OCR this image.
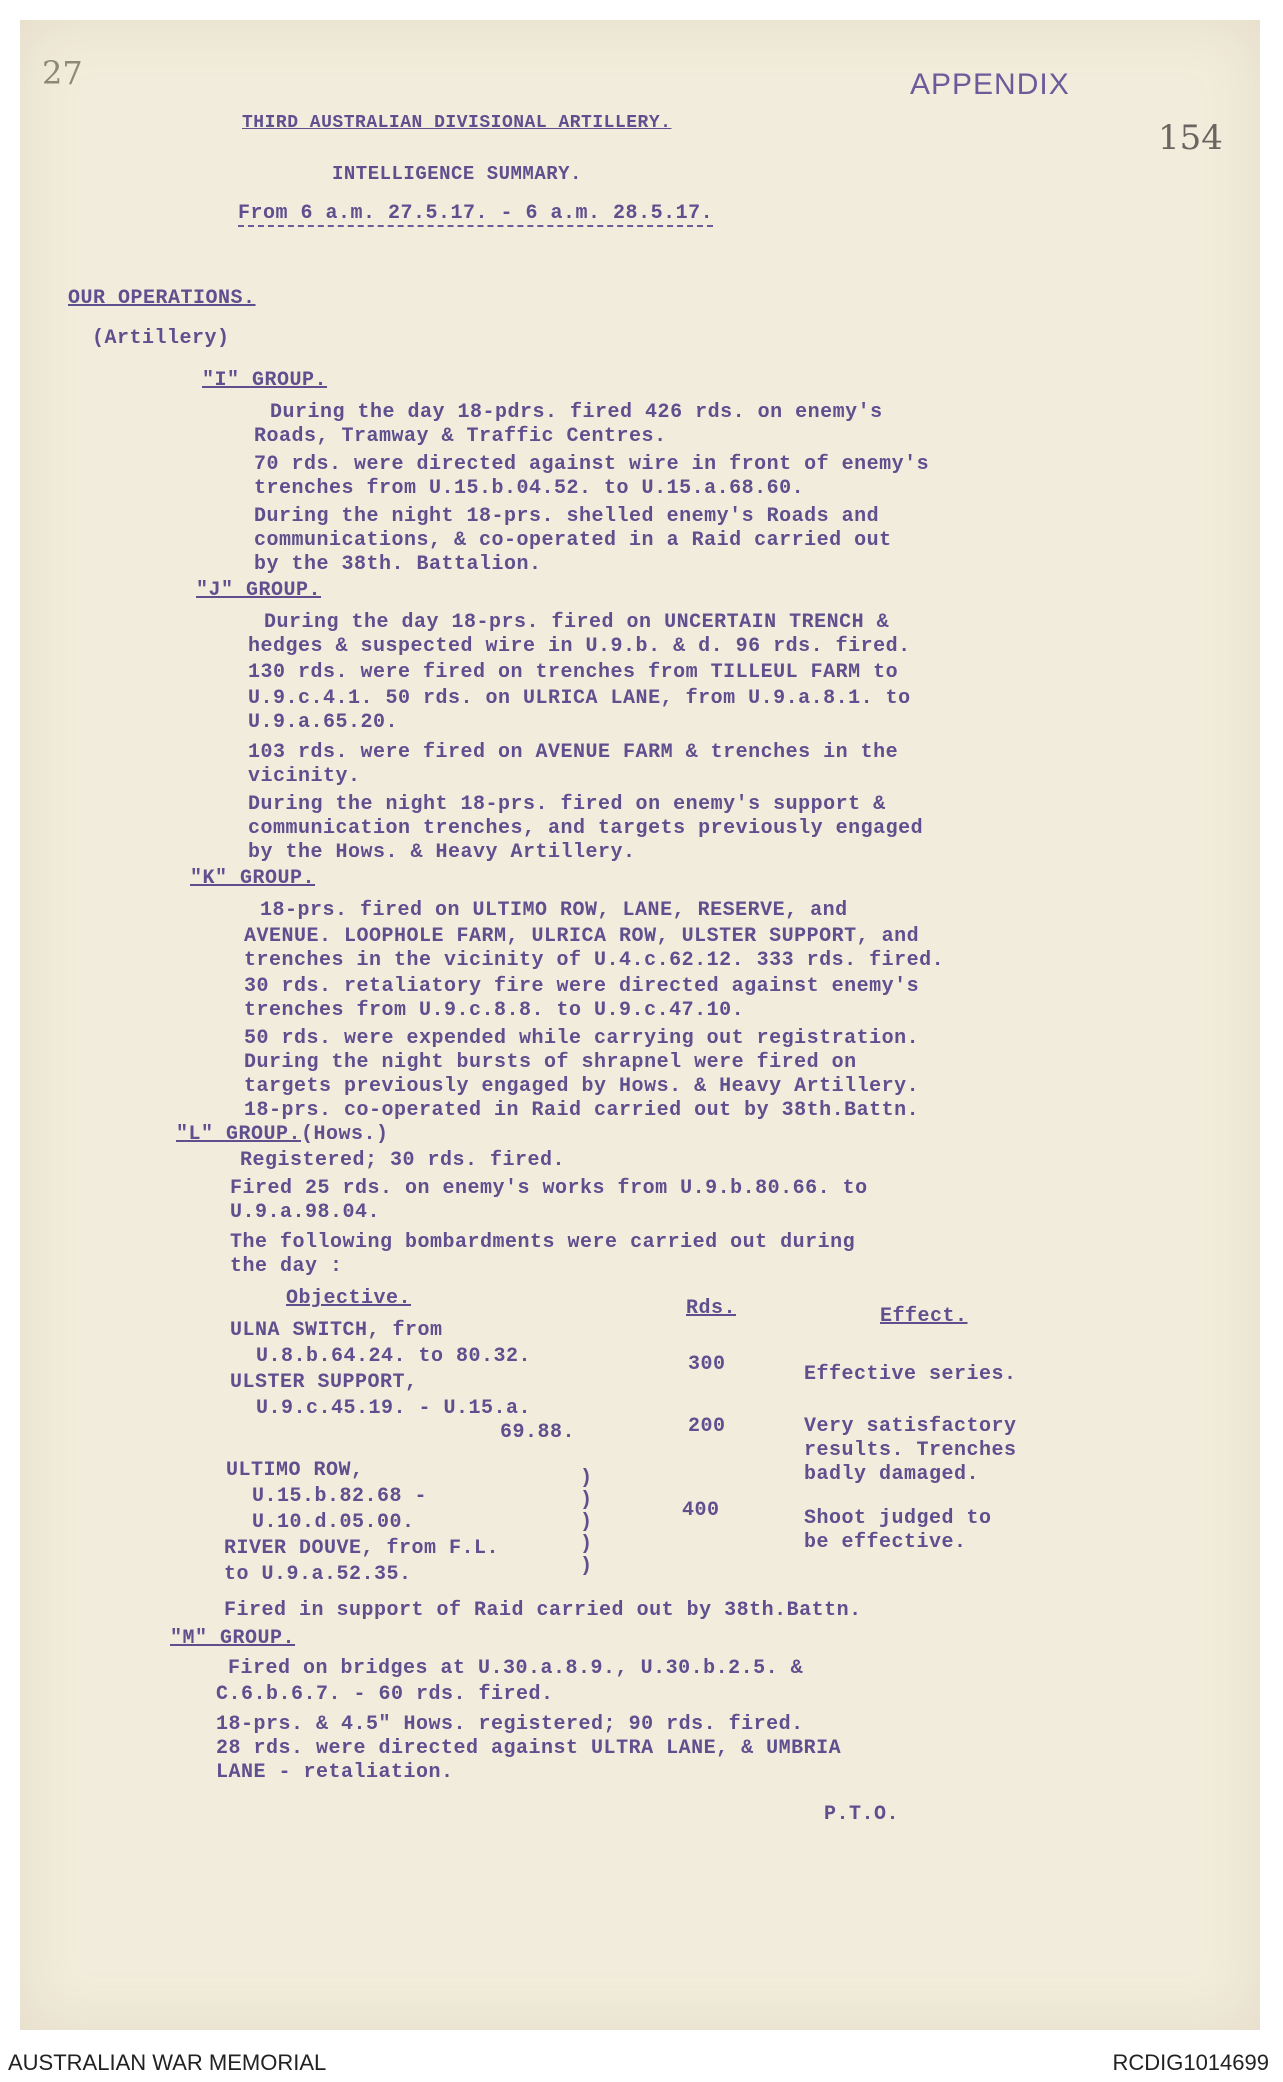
27	APPENDIX
154
THIRD AUSTRALIAN DIVISIONAL ARTILLERY.
INTELLIGENCE SUMMARY.
From 6 a.m. 27.5.17. - 6 a.m. 28.5.17.
OUR OPERATIONS.
(Artillery)
"I" GROUP.
During the day 18-pdrs. fired 426 rds. on enemy's
Roads, Tramway & Traffic Centres.
70 rds. were directed against wire in front of enemy's
trenches from U.15.b.04.52. to U.15.a.68.60.
During the night 18-prs. shelled enemy's Roads and
communications, & co-operated in a Raid carried out
by the 38th. Battalion.
"J" GROUP.
During the day 18-prs. fired on UNCERTAIN TRENCH &
hedges & suspected wire in U.9.b. & d. 96 rds. fired.
130 rds. were fired on trenches from TILLEUL FARM to
U.9.c.4.1. 50 rds. on ULRICA LANE, from U.9.a.8.1. to
U.9.a.65.20.
103 rds. were fired on AVENUE FARM & trenches in the
vicinity.
During the night 18-prs. fired on enemy's support &
communication trenches, and targets previously engaged
by the Hows. & Heavy Artillery.
"K" GROUP.
18-prs. fired on ULTIMO ROW, LANE, RESERVE, and
AVENUE. LOOPHOLE FARM, ULRICA ROW, ULSTER SUPPORT, and
trenches in the vicinity of U.4.c.62.12. 333 rds. fired.
30 rds. retaliatory fire were directed against enemy's
trenches from U.9.c.8.8. to U.9.c.47.10.
50 rds. were expended while carrying out registration.
During the night bursts of shrapnel were fired on
targets previously engaged by Hows. & Heavy Artillery.
18-prs. co-operated in Raid carried out by 38th.Battn.
"L" GROUP.(Hows.)
Registered; 30 rds. fired.
Fired 25 rds. on enemy's works from U.9.b.80.66. to
U.9.a.98.04.
The following bombardments were carried out during
the day :
Objective.	Rds.	Effect.
ULNA SWITCH, from
U.8.b.64.24. to 80.32.	300	Effective series.
ULSTER SUPPORT,
U.9.c.45.19. - U.15.a.
69.88.	200	Very satisfactory
results. Trenches
badly damaged.
ULTIMO ROW,
U.15.b.82.68 -
U.10.d.05.00.
RIVER DOUVE, from F.L.
to U.9.a.52.35.
)
)
)
)
)
400	Shoot judged to
be effective.
Fired in support of Raid carried out by 38th.Battn.
"M" GROUP.
Fired on bridges at U.30.a.8.9., U.30.b.2.5. &
C.6.b.6.7. - 60 rds. fired.
18-prs. & 4.5" Hows. registered; 90 rds. fired.
28 rds. were directed against ULTRA LANE, & UMBRIA
LANE - retaliation.
P.T.O.
AUSTRALIAN WAR MEMORIAL	RCDIG1014699
